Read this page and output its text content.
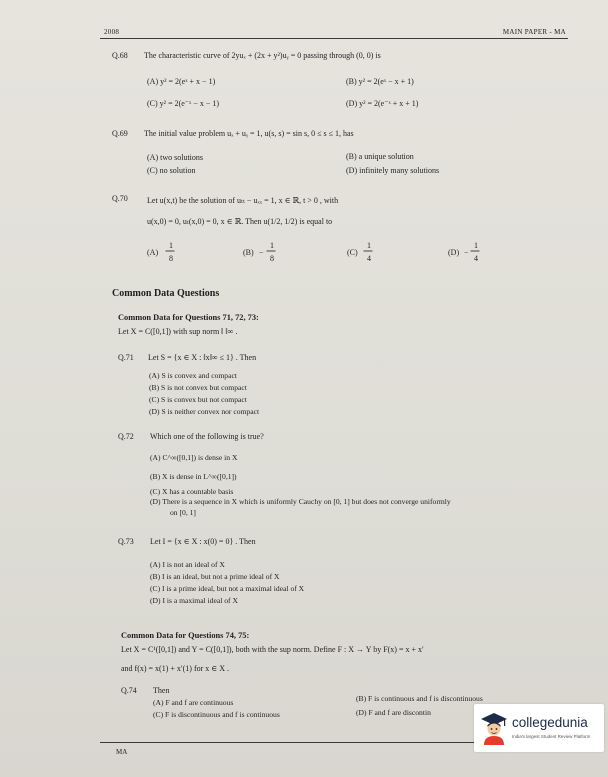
2008	MAIN PAPER - MA
Q.68 The characteristic curve of 2yuₓ + (2x + y²)uᵧ = 0 passing through (0, 0) is
(A) y² = 2(eˣ + x − 1)	(B) y² = 2(eˣ − x + 1)
(C) y² = 2(e⁻ˣ − x − 1)	(D) y² = 2(e⁻ˣ + x + 1)
Q.69 The initial value problem uₓ + uᵧ = 1, u(s, s) = sin s, 0 ≤ s ≤ 1, has
(A) two solutions	(B) a unique solution
(C) no solution	(D) infinitely many solutions
Q.70 Let u(x,t) be the solution of uₜₜ − uₓₓ = 1, x ∈ ℝ, t > 0 , with
u(x,0) = 0, uₜ(x,0) = 0, x ∈ ℝ. Then u(1/2, 1/2) is equal to
(A)
1
8
(B) −
1
8
(C)
1
4
(D) −
1
4
Common Data Questions
Common Data for Questions 71, 72, 73:
Let X = C([0,1]) with sup norm ‖ ‖∞ .
Q.71 Let S = {x ∈ X : ‖x‖∞ ≤ 1} . Then
(A) S is convex and compact
(B) S is not convex but compact
(C) S is convex but not compact
(D) S is neither convex nor compact
Q.72 Which one of the following is true?
(A) C^∞([0,1]) is dense in X
(B) X is dense in L^∞([0,1])
(C) X has a countable basis
(D) There is a sequence in X which is uniformly Cauchy on [0, 1] but does not converge uniformly
on [0, 1]
Q.73 Let I = {x ∈ X : x(0) = 0} . Then
(A) I is not an ideal of X
(B) I is an ideal, but not a prime ideal of X
(C) I is a prime ideal, but not a maximal ideal of X
(D) I is a maximal ideal of X
Common Data for Questions 74, 75:
Let X = C¹([0,1]) and Y = C([0,1]), both with the sup norm. Define F : X → Y by F(x) = x + x′
and f(x) = x(1) + x′(1) for x ∈ X .
Q.74 Then
(A) F and f are continuous	(B) F is continuous and f is discontinuous
(C) F is discontinuous and f is continuous	(D) F and f are discontin
MA
collegedunia
India's largest Student Review Platform
